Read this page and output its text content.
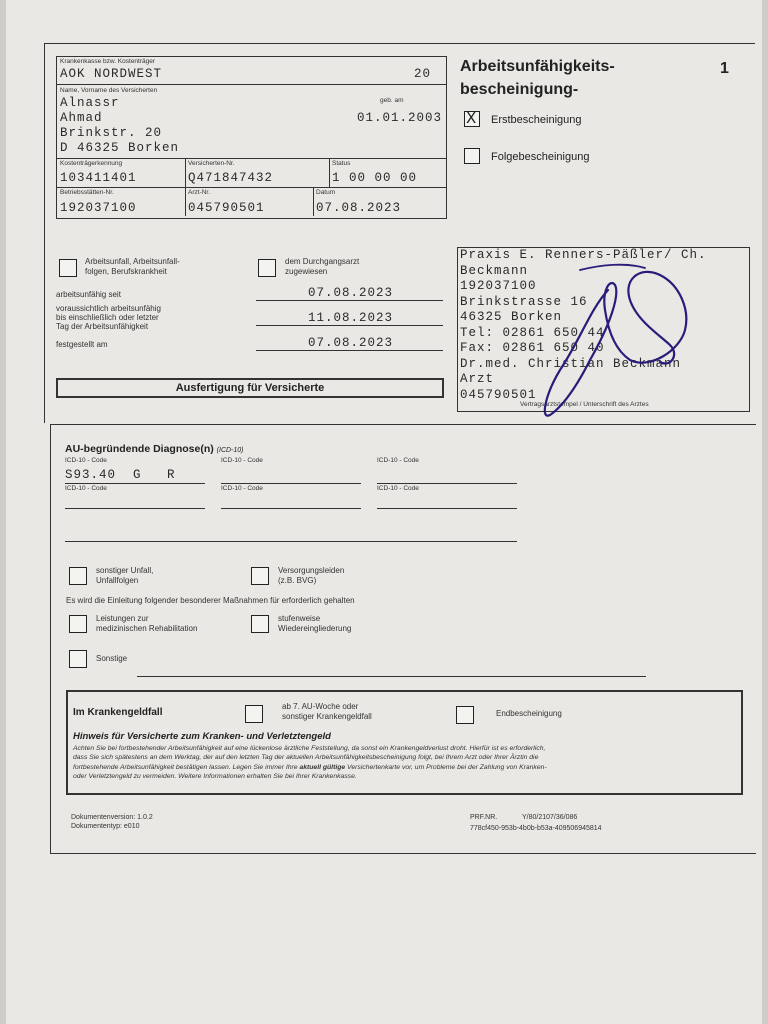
Arbeitsunfähigkeits-
bescheinigung-
1
X Erstbescheinigung
Folgebescheinigung
Krankenkasse bzw. Kostenträger
AOK NORDWEST	20
Name, Vorname des Versicherten
geb. am
Alnassr
Ahmad	01.01.2003
Brinkstr. 20
D 46325 Borken
Kostenträgerkennung
103411401
Versicherten-Nr.
Q471847432
Status
1 00 00 00
Betriebsstätten-Nr.
192037100
Arzt-Nr.
045790501
Datum
07.08.2023
Arbeitsunfall, Arbeitsunfall-
folgen, Berufskrankheit
dem Durchgangsarzt
zugewiesen
arbeitsunfähig seit	07.08.2023
voraussichtlich arbeitsunfähig
bis einschließlich oder letzter
Tag der Arbeitsunfähigkeit
11.08.2023
festgestellt am	07.08.2023
Ausfertigung für Versicherte
Praxis E. Renners-Päßler/ Ch.
Beckmann
192037100
Brinkstrasse 16
46325 Borken
Tel: 02861 650 44
Fax: 02861 650 40
Dr.med. Christian Beckmann
Arzt
045790501
Vertragsarztstempel / Unterschrift des Arztes
AU-begründende Diagnose(n) (ICD-10)
ICD-10 - Code	ICD-10 - Code	ICD-10 - Code
S93.40  G   R
ICD-10 - Code	ICD-10 - Code	ICD-10 - Code
sonstiger Unfall,
Unfallfolgen
Versorgungsleiden
(z.B. BVG)
Es wird die Einleitung folgender besonderer Maßnahmen für erforderlich gehalten
Leistungen zur
medizinischen Rehabilitation
stufenweise
Wiedereingliederung
Sonstige
Im Krankengeldfall
ab 7. AU-Woche oder
sonstiger Krankengeldfall	Endbescheinigung
Hinweis für Versicherte zum Kranken- und Verletztengeld
Achten Sie bei fortbestehender Arbeitsunfähigkeit auf eine lückenlose ärztliche Feststellung, da sonst ein Krankengeldverlust droht. Hierfür ist es erforderlich,
dass Sie sich spätestens an dem Werktag, der auf den letzten Tag der aktuellen Arbeitsunfähigkeitsbescheinigung folgt, bei Ihrem Arzt oder Ihrer Ärztin die
fortbestehende Arbeitsunfähigkeit bestätigen lassen. Legen Sie immer Ihre aktuell gültige Versichertenkarte vor, um Probleme bei der Zahlung von Kranken-
oder Verletztengeld zu vermeiden. Weitere Informationen erhalten Sie bei Ihrer Krankenkasse.
Dokumentenversion: 1.0.2
Dokumententyp: e010
PRF.NR.	Y/80/2107/36/086
778cf450-953b-4b0b-b53a-409506945814
